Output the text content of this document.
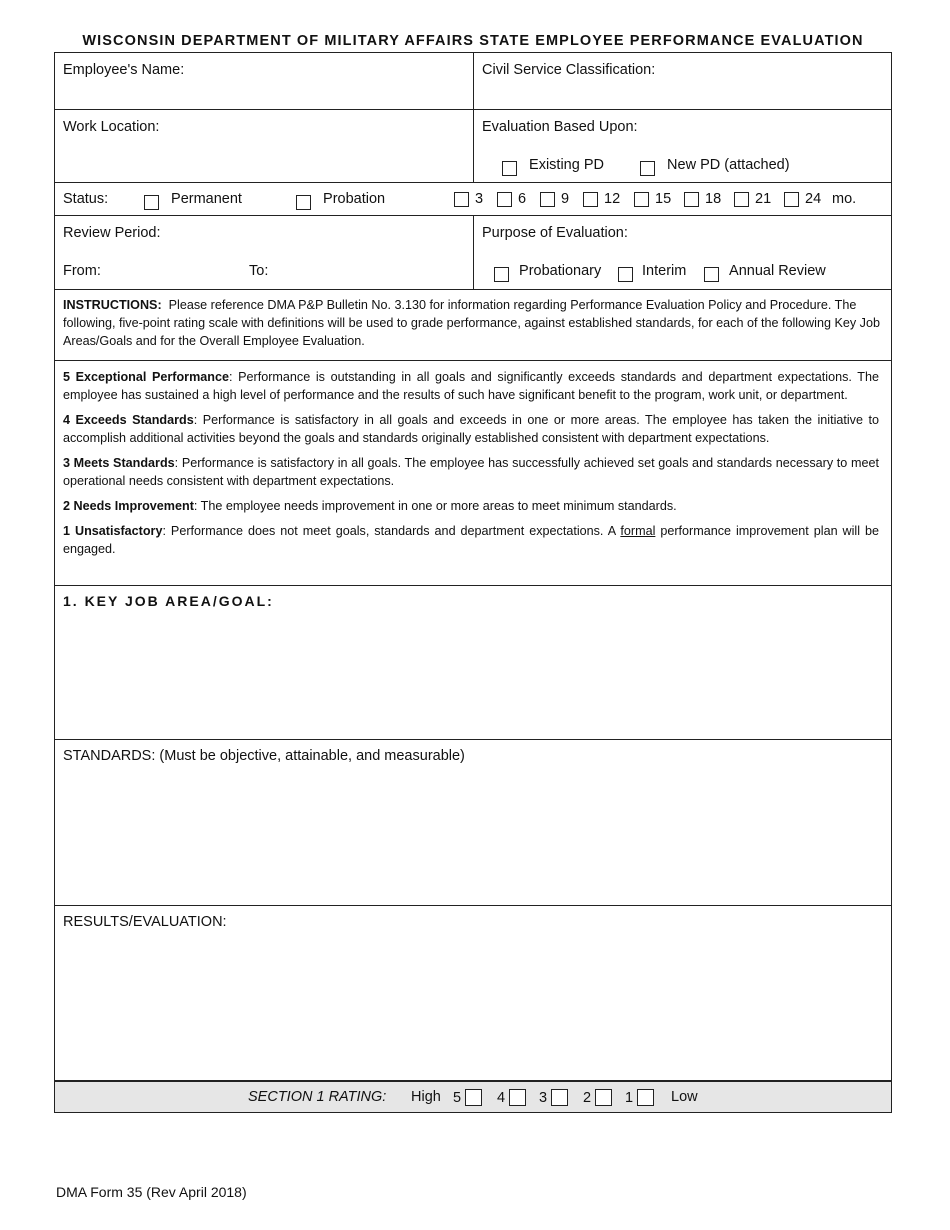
WISCONSIN DEPARTMENT OF MILITARY AFFAIRS STATE EMPLOYEE PERFORMANCE EVALUATION
Employee's Name:	Civil Service Classification:
Work Location:	Evaluation Based Upon:
Existing PD	New PD (attached)
Status:	Permanent	Probation	3	6	9	12	15	18	21	24 mo.
Review Period:
From:	To:
Purpose of Evaluation:
Probationary	Interim	Annual Review
INSTRUCTIONS: Please reference DMA P&P Bulletin No. 3.130 for information regarding Performance Evaluation Policy and Procedure. The following, five-point rating scale with definitions will be used to grade performance, against established standards, for each of the following Key Job Areas/Goals and for the Overall Employee Evaluation.

5 Exceptional Performance: Performance is outstanding in all goals and significantly exceeds standards and department expectations. The employee has sustained a high level of performance and the results of such have significant benefit to the program, work unit, or department.

4 Exceeds Standards: Performance is satisfactory in all goals and exceeds in one or more areas. The employee has taken the initiative to accomplish additional activities beyond the goals and standards originally established consistent with department expectations.

3 Meets Standards: Performance is satisfactory in all goals. The employee has successfully achieved set goals and standards necessary to meet operational needs consistent with department expectations.

2 Needs Improvement: The employee needs improvement in one or more areas to meet minimum standards.

1 Unsatisfactory: Performance does not meet goals, standards and department expectations. A formal performance improvement plan will be engaged.

1. KEY JOB AREA/GOAL:
STANDARDS: (Must be objective, attainable, and measurable)
RESULTS/EVALUATION:
SECTION 1 RATING: High 5	4	3	2	1	Low
DMA Form 35 (Rev April 2018)
